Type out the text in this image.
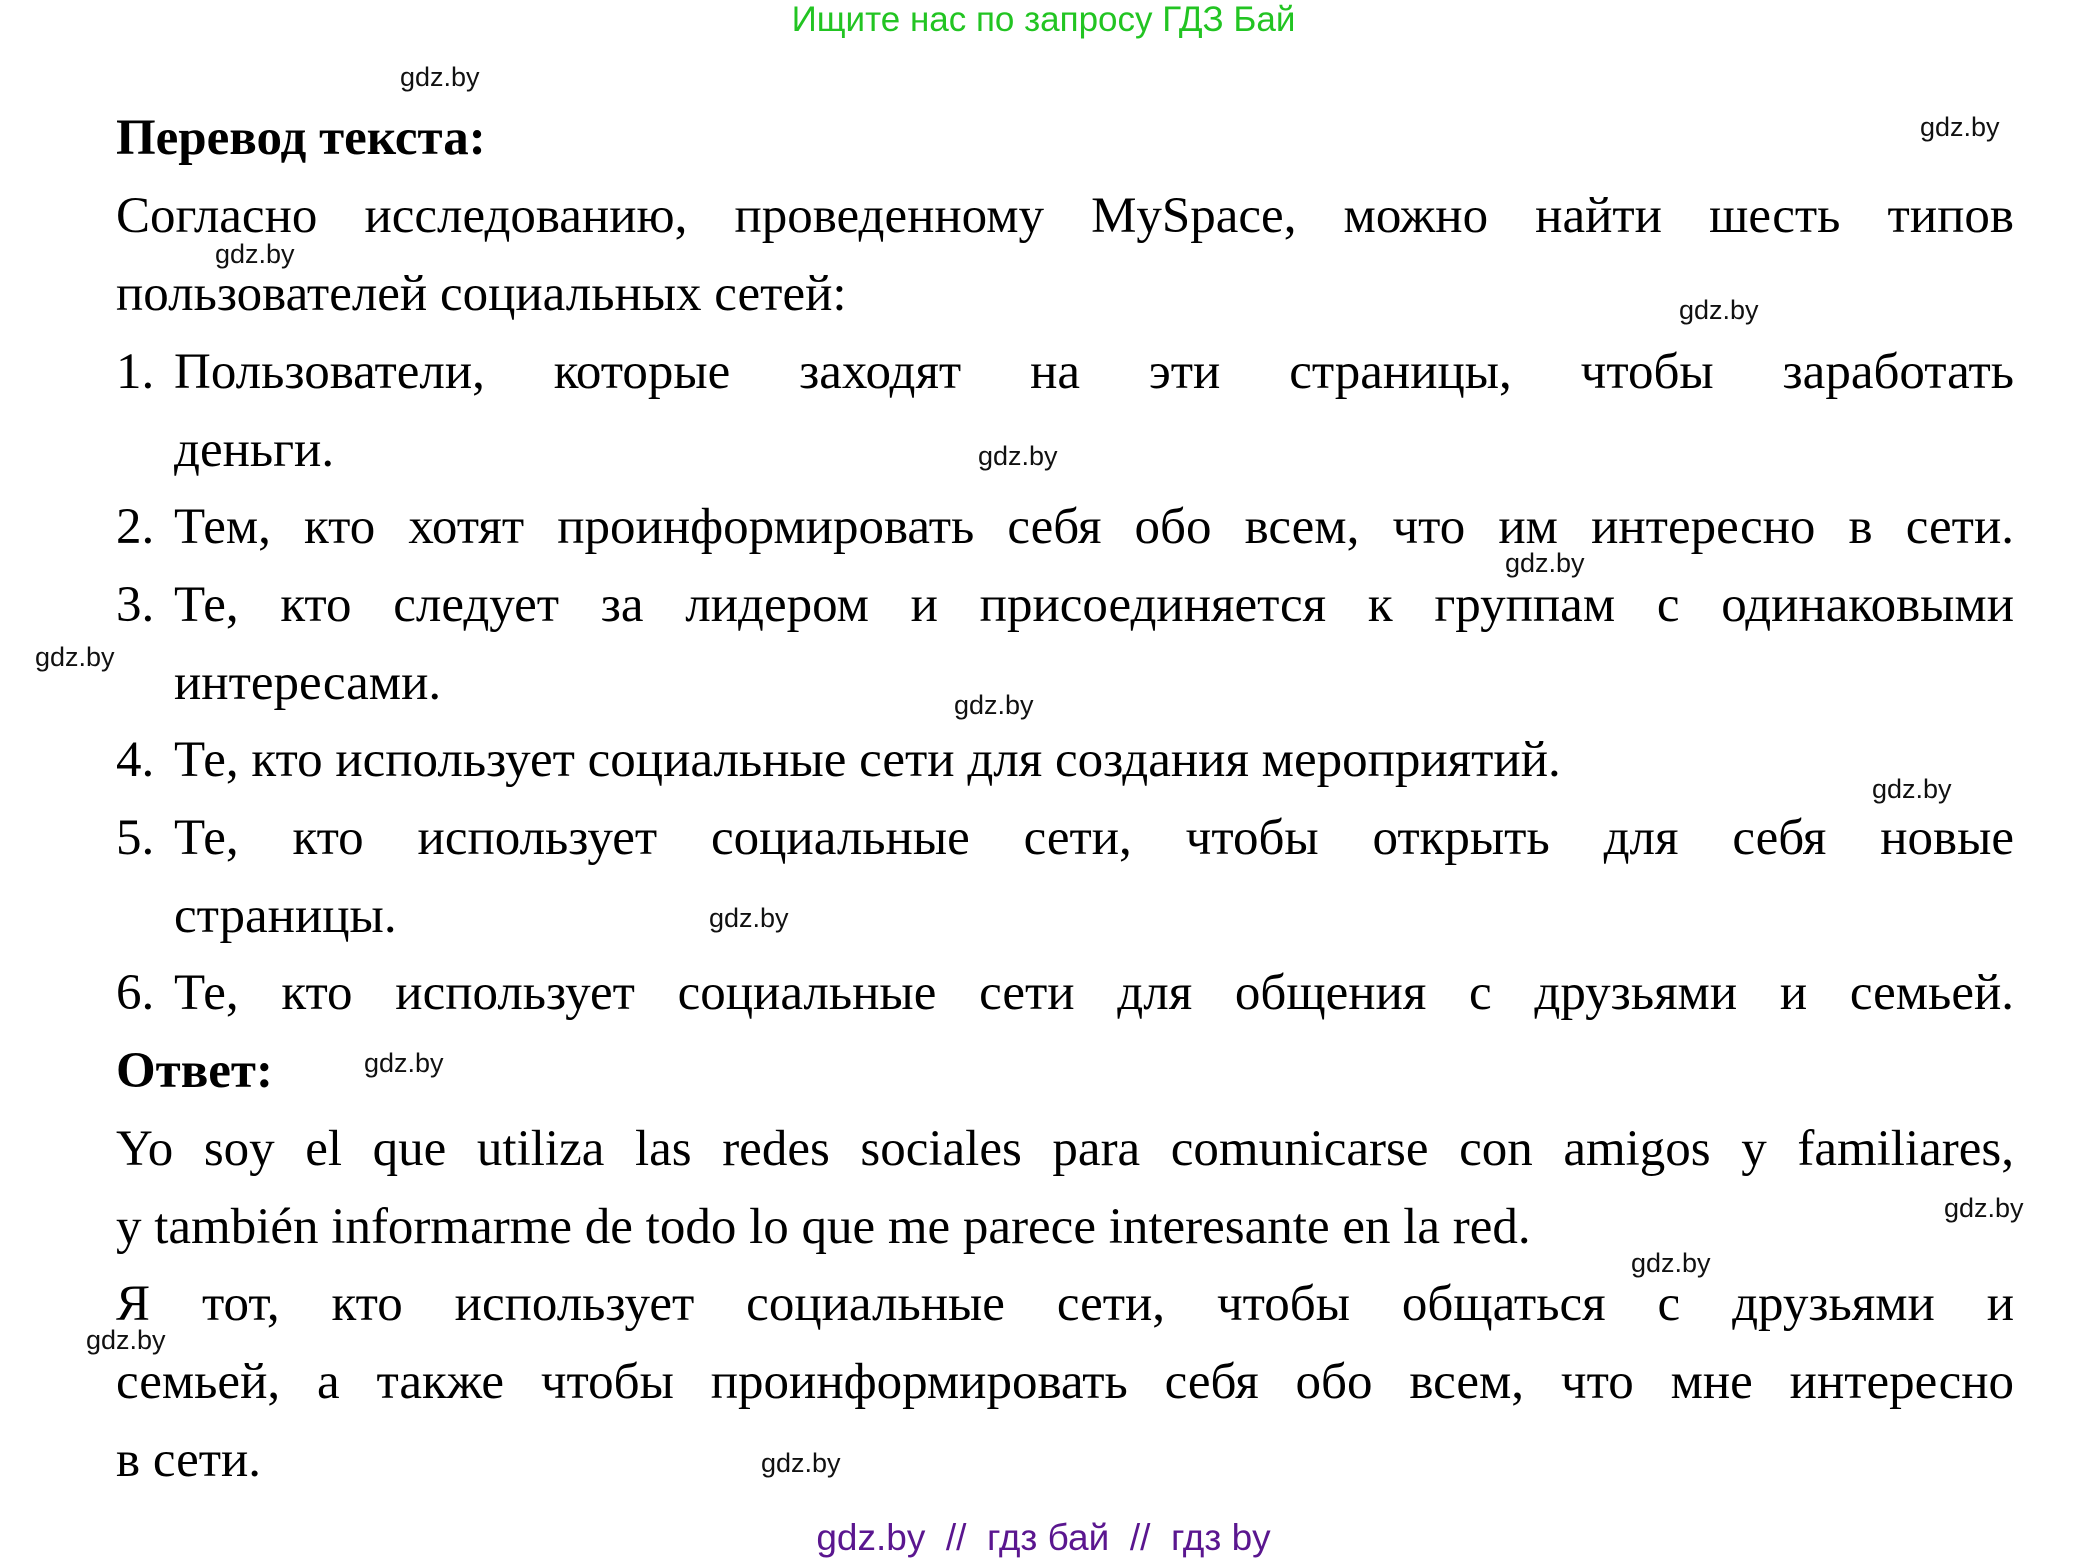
Ищите нас по запросу ГДЗ Бай
Перевод текста:
Согласно исследованию, проведенному MySpace, можно найти шесть типов
пользователей социальных сетей:
1. Пользователи, которые заходят на эти страницы, чтобы заработать
деньги.
2. Тем, кто хотят проинформировать себя обо всем, что им интересно в сети.
3. Те, кто следует за лидером и присоединяется к группам с одинаковыми
интересами.
4. Те, кто использует социальные сети для создания мероприятий.
5. Те, кто использует социальные сети, чтобы открыть для себя новые
страницы.
6. Те, кто использует социальные сети для общения с друзьями и семьей.
Ответ:
Yo soy el que utiliza las redes sociales para comunicarse con amigos y familiares,
y también informarme de todo lo que me parece interesante en la red.
Я тот, кто использует социальные сети, чтобы общаться с друзьями и
семьей, а также чтобы проинформировать себя обо всем, что мне интересно
в сети.
gdz.by
gdz.by
gdz.by
gdz.by
gdz.by
gdz.by
gdz.by
gdz.by
gdz.by
gdz.by
gdz.by
gdz.by
gdz.by
gdz.by
gdz.by
gdz.by  //  гдз бай  //  гдз by
